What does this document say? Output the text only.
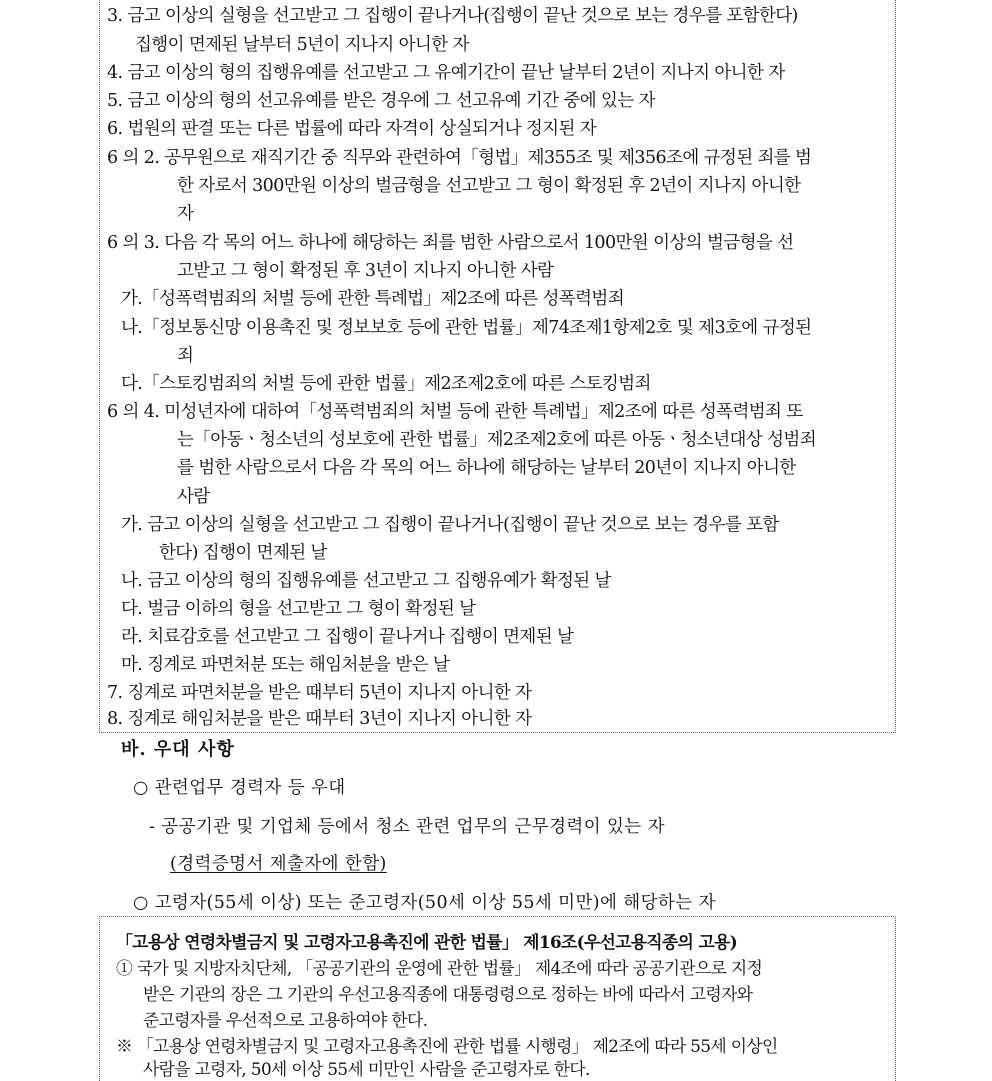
3. 금고 이상의 실형을 선고받고 그 집행이 끝나거나(집행이 끝난 것으로 보는 경우를 포함한다)
집행이 면제된 날부터 5년이 지나지 아니한 자
4. 금고 이상의 형의 집행유예를 선고받고 그 유예기간이 끝난 날부터 2년이 지나지 아니한 자
5. 금고 이상의 형의 선고유예를 받은 경우에 그 선고유예 기간 중에 있는 자
6. 법원의 판결 또는 다른 법률에 따라 자격이 상실되거나 정지된 자
6 의 2. 공무원으로 재직기간 중 직무와 관련하여「형법」제355조 및 제356조에 규정된 죄를 범
한 자로서 300만원 이상의 벌금형을 선고받고 그 형이 확정된 후 2년이 지나지 아니한
자
6 의 3. 다음 각 목의 어느 하나에 해당하는 죄를 범한 사람으로서 100만원 이상의 벌금형을 선
고받고 그 형이 확정된 후 3년이 지나지 아니한 사람
가.「성폭력범죄의 처벌 등에 관한 특례법」제2조에 따른 성폭력범죄
나.「정보통신망 이용촉진 및 정보보호 등에 관한 법률」제74조제1항제2호 및 제3호에 규정된
죄
다.「스토킹범죄의 처벌 등에 관한 법률」제2조제2호에 따른 스토킹범죄
6 의 4. 미성년자에 대하여「성폭력범죄의 처벌 등에 관한 특례법」제2조에 따른 성폭력범죄 또
는「아동ㆍ청소년의 성보호에 관한 법률」제2조제2호에 따른 아동ㆍ청소년대상 성범죄
를 범한 사람으로서 다음 각 목의 어느 하나에 해당하는 날부터 20년이 지나지 아니한
사람
가. 금고 이상의 실형을 선고받고 그 집행이 끝나거나(집행이 끝난 것으로 보는 경우를 포함
한다) 집행이 면제된 날
나. 금고 이상의 형의 집행유예를 선고받고 그 집행유예가 확정된 날
다. 벌금 이하의 형을 선고받고 그 형이 확정된 날
라. 치료감호를 선고받고 그 집행이 끝나거나 집행이 면제된 날
마. 징계로 파면처분 또는 해임처분을 받은 날
7. 징계로 파면처분을 받은 때부터 5년이 지나지 아니한 자
8. 징계로 해임처분을 받은 때부터 3년이 지나지 아니한 자
바. 우대 사항
○ 관련업무 경력자 등 우대
- 공공기관 및 기업체 등에서 청소 관련 업무의 근무경력이 있는 자
(경력증명서 제출자에 한함)
○ 고령자(55세 이상) 또는 준고령자(50세 이상 55세 미만)에 해당하는 자
「고용상 연령차별금지 및 고령자고용촉진에 관한 법률」 제16조(우선고용직종의 고용)
① 국가 및 지방자치단체, 「공공기관의 운영에 관한 법률」 제4조에 따라 공공기관으로 지정
받은 기관의 장은 그 기관의 우선고용직종에 대통령령으로 정하는 바에 따라서 고령자와
준고령자를 우선적으로 고용하여야 한다.
※ 「고용상 연령차별금지 및 고령자고용촉진에 관한 법률 시행령」 제2조에 따라 55세 이상인
사람을 고령자, 50세 이상 55세 미만인 사람을 준고령자로 한다.
